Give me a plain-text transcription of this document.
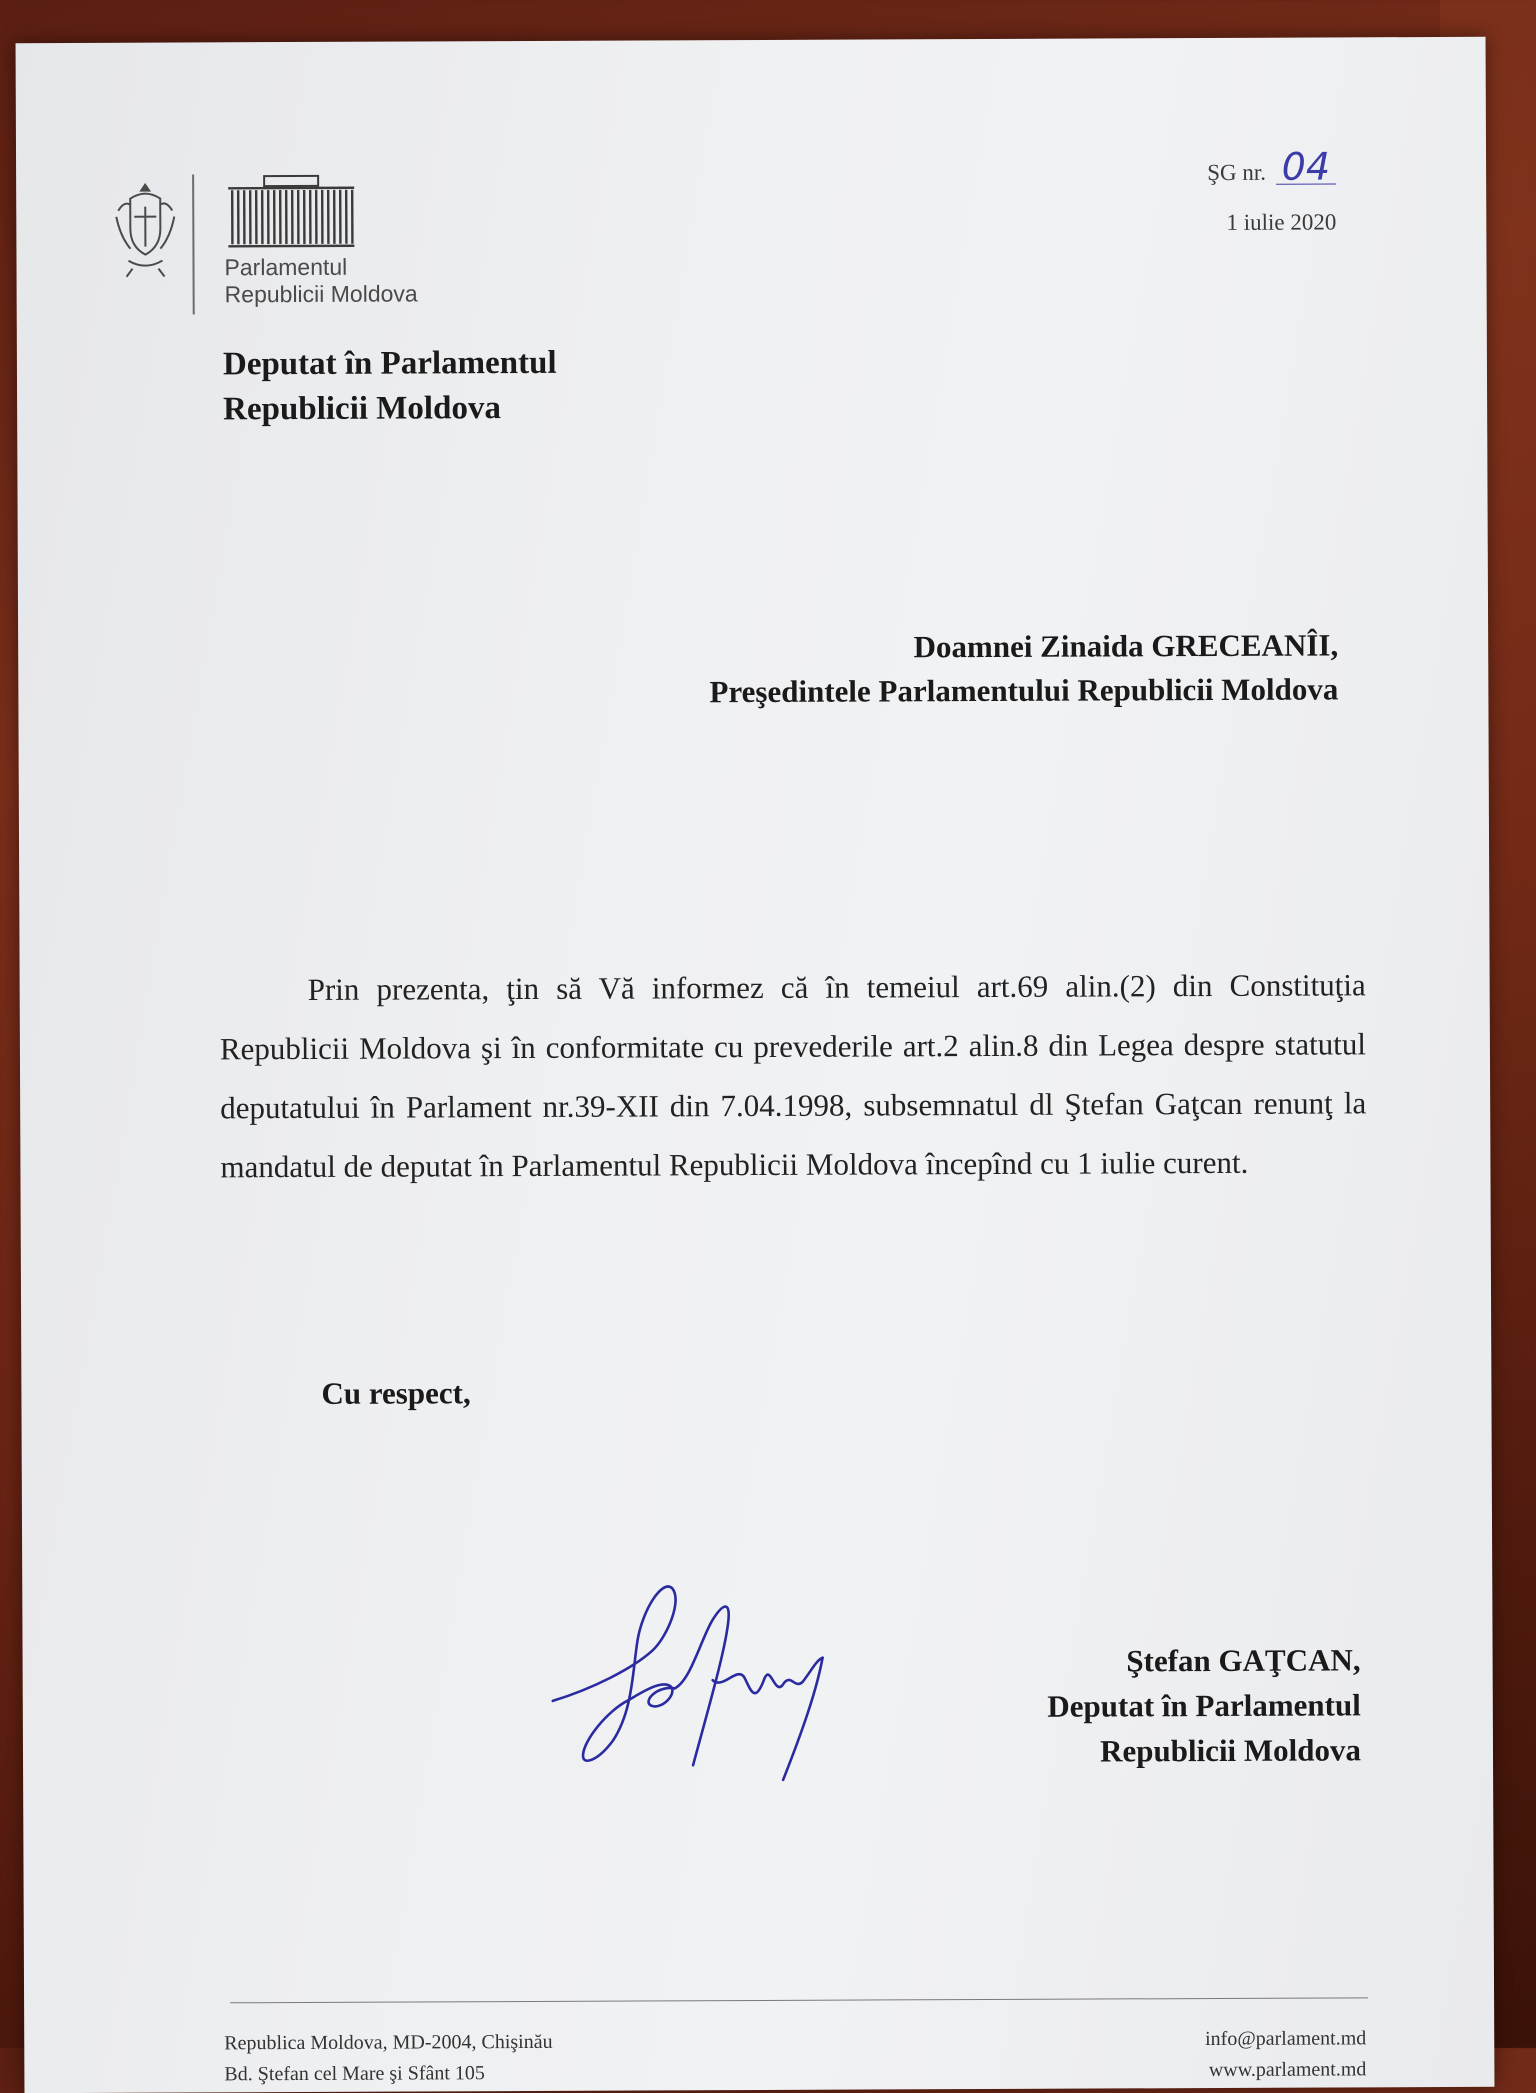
Parlamentul
Republicii Moldova
ŞG nr. 04
1 iulie 2020
Deputat în Parlamentul
Republicii Moldova
Doamnei Zinaida GRECEANÎI,
Preşedintele Parlamentului Republicii Moldova
Prin prezenta, ţin să Vă informez că în temeiul art.69 alin.(2) din Constituţia Republicii Moldova şi în conformitate cu prevederile art.2 alin.8 din Legea despre statutul deputatului în Parlament nr.39-XII din 7.04.1998, subsemnatul dl Ştefan Gaţcan renunţ la mandatul de deputat în Parlamentul Republicii Moldova începînd cu 1 iulie curent.
Cu respect,
Ştefan GAŢCAN,
Deputat în Parlamentul
Republicii Moldova
Republica Moldova, MD-2004, Chişinău
Bd. Ştefan cel Mare şi Sfânt 105
info@parlament.md
www.parlament.md
